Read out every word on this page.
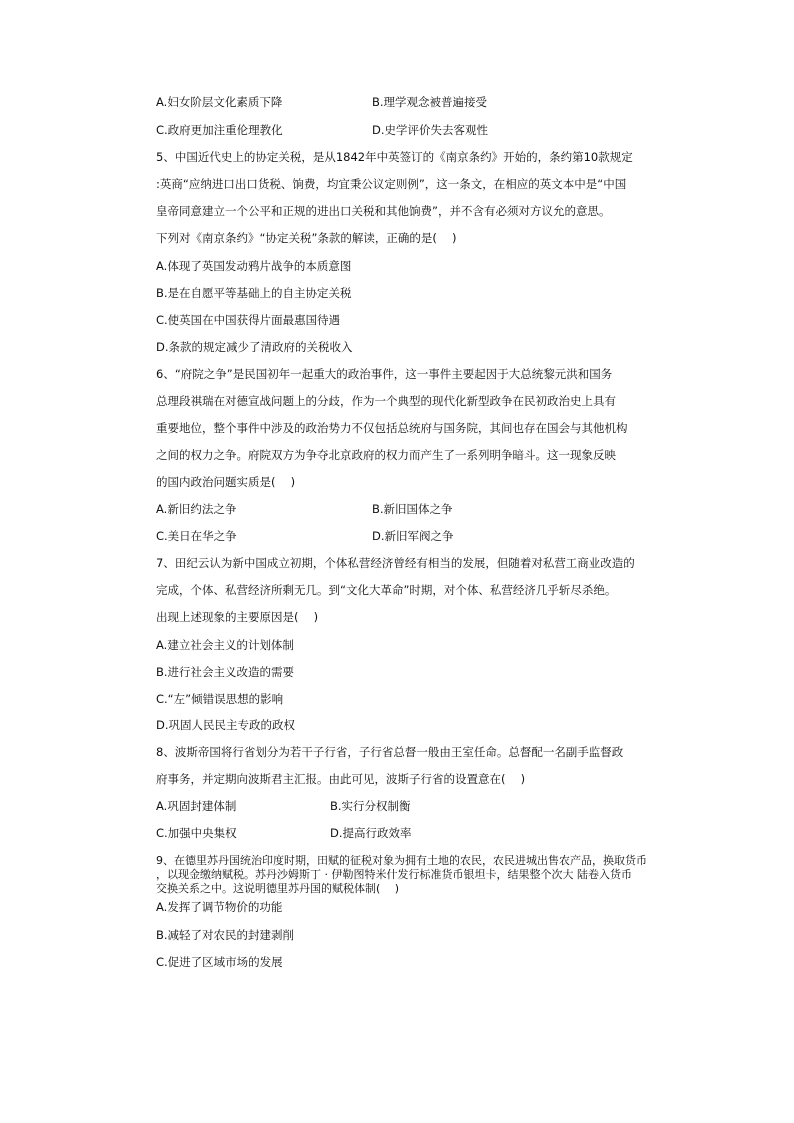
A.妇女阶层文化素质下降	B.理学观念被普遍接受
C.政府更加注重伦理教化	D.史学评价失去客观性
5、中国近代史上的协定关税，是从1842年中英签订的《南京条约》开始的，条约第10款规定
:英商“应纳进口出口货税、饷费，均宜秉公议定则例”，这一条文，在相应的英文本中是“中国
皇帝同意建立一个公平和正规的进出口关税和其他饷费”，并不含有必须对方议允的意思。
下列对《南京条约》“协定关税”条款的解读，正确的是(　 )
A.体现了英国发动鸦片战争的本质意图
B.是在自愿平等基础上的自主协定关税
C.使英国在中国获得片面最惠国待遇
D.条款的规定减少了清政府的关税收入
6、“府院之争”是民国初年一起重大的政治事件，这一事件主要起因于大总统黎元洪和国务
总理段祺瑞在对德宣战问题上的分歧，作为一个典型的现代化新型政争在民初政治史上具有
重要地位，整个事件中涉及的政治势力不仅包括总统府与国务院，其间也存在国会与其他机构
之间的权力之争。府院双方为争夺北京政府的权力而产生了一系列明争暗斗。这一现象反映
的国内政治问题实质是(　 )
A.新旧约法之争	B.新旧国体之争
C.美日在华之争	D.新旧军阀之争
7、田纪云认为新中国成立初期，个体私营经济曾经有相当的发展，但随着对私营工商业改造的
完成，个体、私营经济所剩无几。到“文化大革命”时期，对个体、私营经济几乎斩尽杀绝。
出现上述现象的主要原因是(　 )
A.建立社会主义的计划体制
B.进行社会主义改造的需要
C.“左”倾错误思想的影响
D.巩固人民民主专政的政权
8、波斯帝国将行省划分为若干子行省，子行省总督一般由王室任命。总督配一名副手监督政
府事务，并定期向波斯君主汇报。由此可见，波斯子行省的设置意在(　 )
A.巩固封建体制	B.实行分权制衡
C.加强中央集权	D.提高行政效率
9、在德里苏丹国统治印度时期，田赋的征税对象为拥有土地的农民，农民进城出售农产品，换取货币
，以现金缴纳赋税。苏丹沙姆斯丁 · 伊勒图特米什发行标准货币银坦卡，结果整个次大 陆卷入货币
交换关系之中。这说明德里苏丹国的赋税体制(　 )
A.发挥了调节物价的功能
B.减轻了对农民的封建剥削
C.促进了区域市场的发展
